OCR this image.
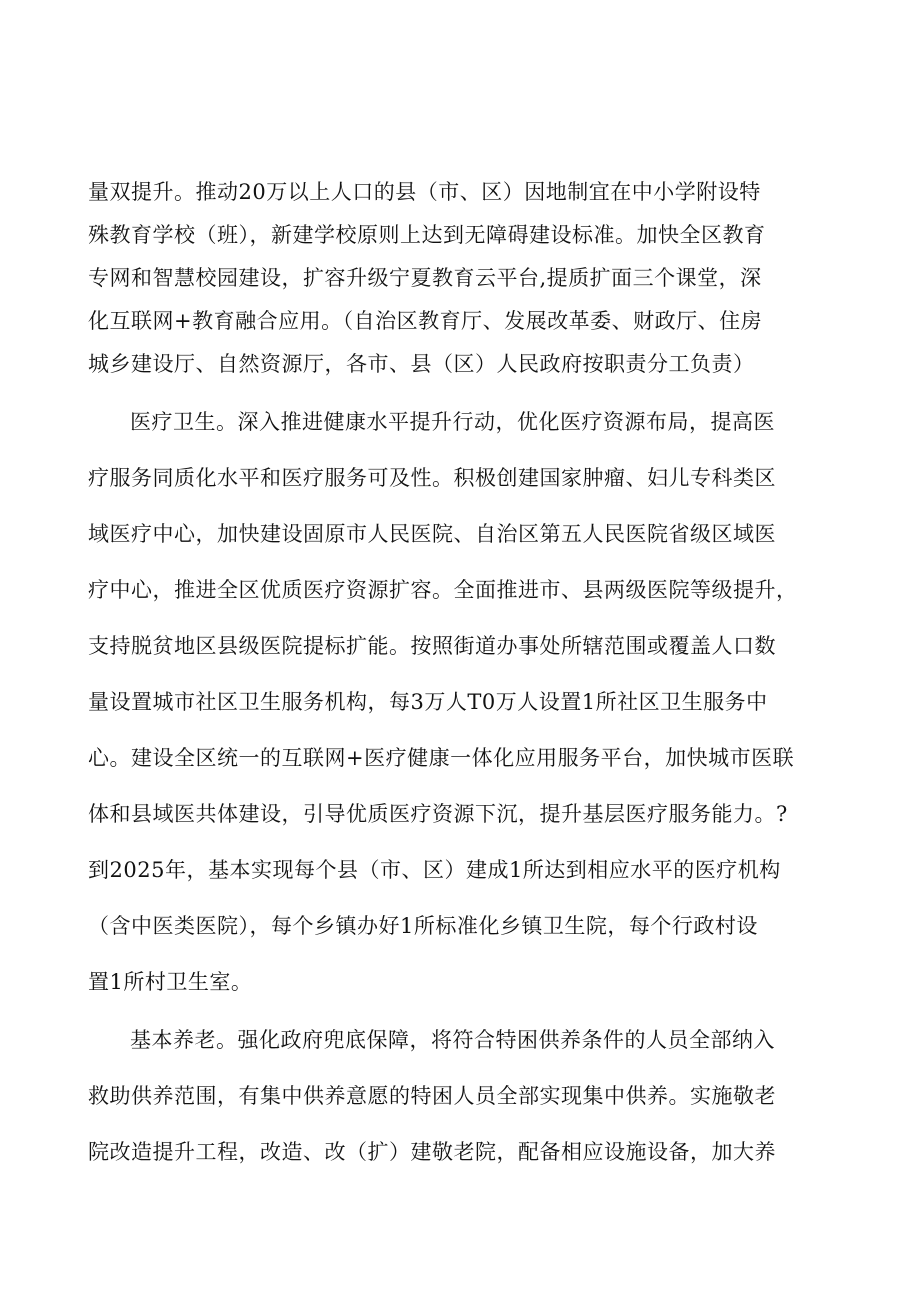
量双提升。推动20万以上人口的县（市、区）因地制宜在中小学附设特
殊教育学校（班），新建学校原则上达到无障碍建设标准。加快全区教育
专网和智慧校园建设，扩容升级宁夏教育云平台,提质扩面三个课堂，深
化互联网+教育融合应用。（自治区教育厅、发展改革委、财政厅、住房
城乡建设厅、自然资源厅，各市、县（区）人民政府按职责分工负责）
医疗卫生。深入推进健康水平提升行动，优化医疗资源布局，提高医
疗服务同质化水平和医疗服务可及性。积极创建国家肿瘤、妇儿专科类区
域医疗中心，加快建设固原市人民医院、自治区第五人民医院省级区域医
疗中心，推进全区优质医疗资源扩容。全面推进市、县两级医院等级提升，
支持脱贫地区县级医院提标扩能。按照街道办事处所辖范围或覆盖人口数
量设置城市社区卫生服务机构，每3万人T0万人设置1所社区卫生服务中
心。建设全区统一的互联网+医疗健康一体化应用服务平台，加快城市医联
体和县域医共体建设，引导优质医疗资源下沉，提升基层医疗服务能力。?
到2025年，基本实现每个县（市、区）建成1所达到相应水平的医疗机构
（含中医类医院），每个乡镇办好1所标准化乡镇卫生院，每个行政村设
置1所村卫生室。
基本养老。强化政府兜底保障，将符合特困供养条件的人员全部纳入
救助供养范围，有集中供养意愿的特困人员全部实现集中供养。实施敬老
院改造提升工程，改造、改（扩）建敬老院，配备相应设施设备，加大养
